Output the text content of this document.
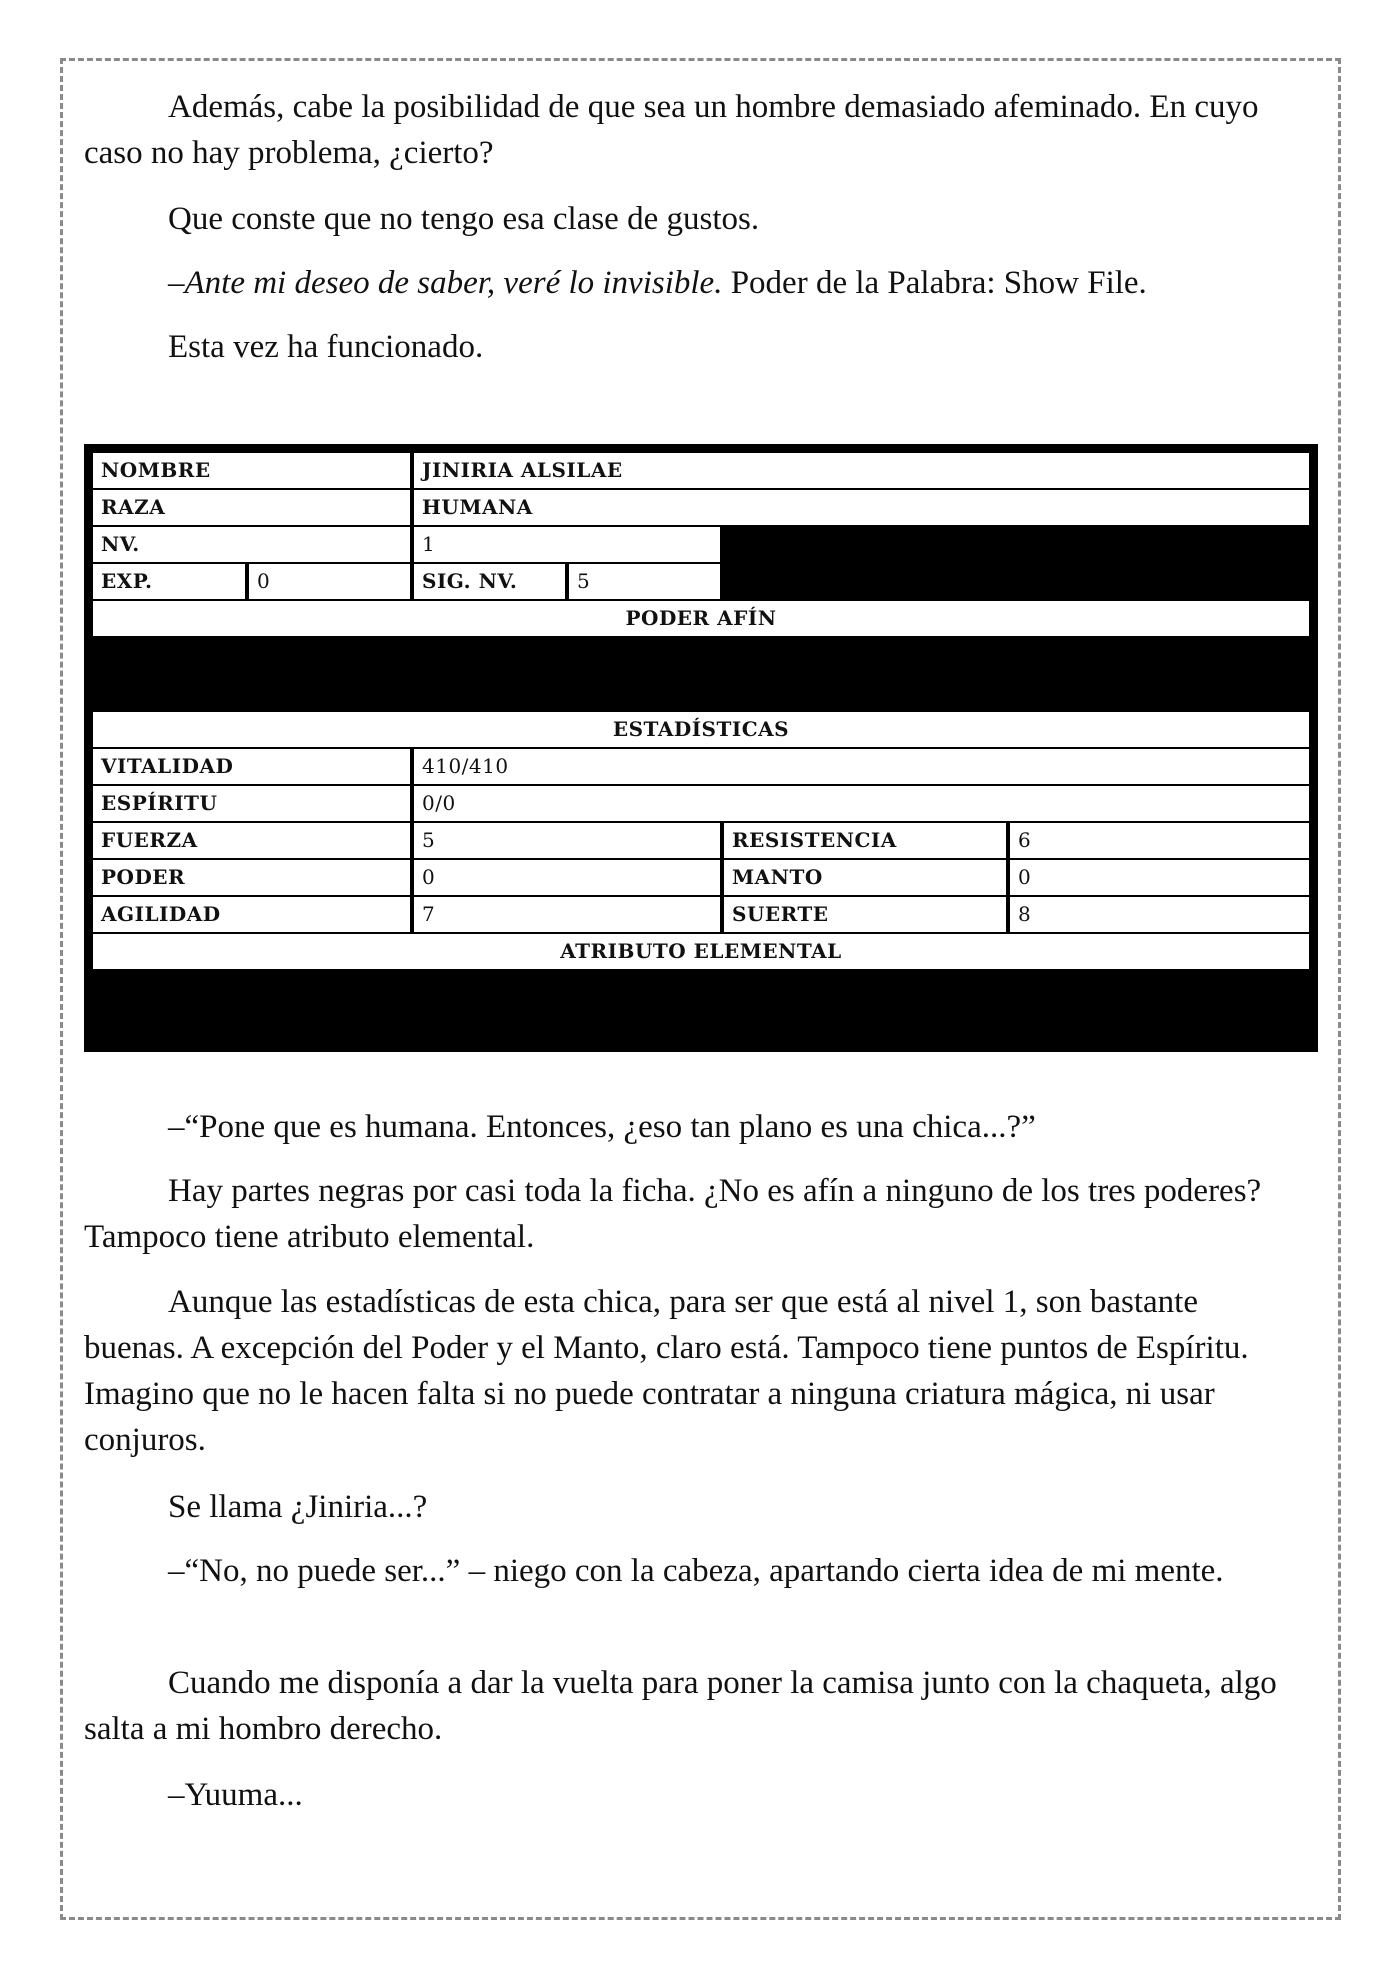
Además, cabe la posibilidad de que sea un hombre demasiado afeminado. En cuyo caso no hay problema, ¿cierto?

Que conste que no tengo esa clase de gustos.

–Ante mi deseo de saber, veré lo invisible. Poder de la Palabra: Show File.

Esta vez ha funcionado.

NOMBRE	JINIRIA ALSILAE
RAZA	HUMANA
NV.	1
EXP.	0	SIG. NV.	5
PODER AFÍN
ESTADÍSTICAS
VITALIDAD	410/410
ESPÍRITU	0/0
FUERZA	5	RESISTENCIA	6
PODER	0	MANTO	0
AGILIDAD	7	SUERTE	8
ATRIBUTO ELEMENTAL

–“Pone que es humana. Entonces, ¿eso tan plano es una chica...?”

Hay partes negras por casi toda la ficha. ¿No es afín a ninguno de los tres poderes? Tampoco tiene atributo elemental.

Aunque las estadísticas de esta chica, para ser que está al nivel 1, son bastante buenas. A excepción del Poder y el Manto, claro está. Tampoco tiene puntos de Espíritu. Imagino que no le hacen falta si no puede contratar a ninguna criatura mágica, ni usar conjuros.

Se llama ¿Jiniria...?

–“No, no puede ser...” – niego con la cabeza, apartando cierta idea de mi mente.

Cuando me disponía a dar la vuelta para poner la camisa junto con la chaqueta, algo salta a mi hombro derecho.

–Yuuma...
